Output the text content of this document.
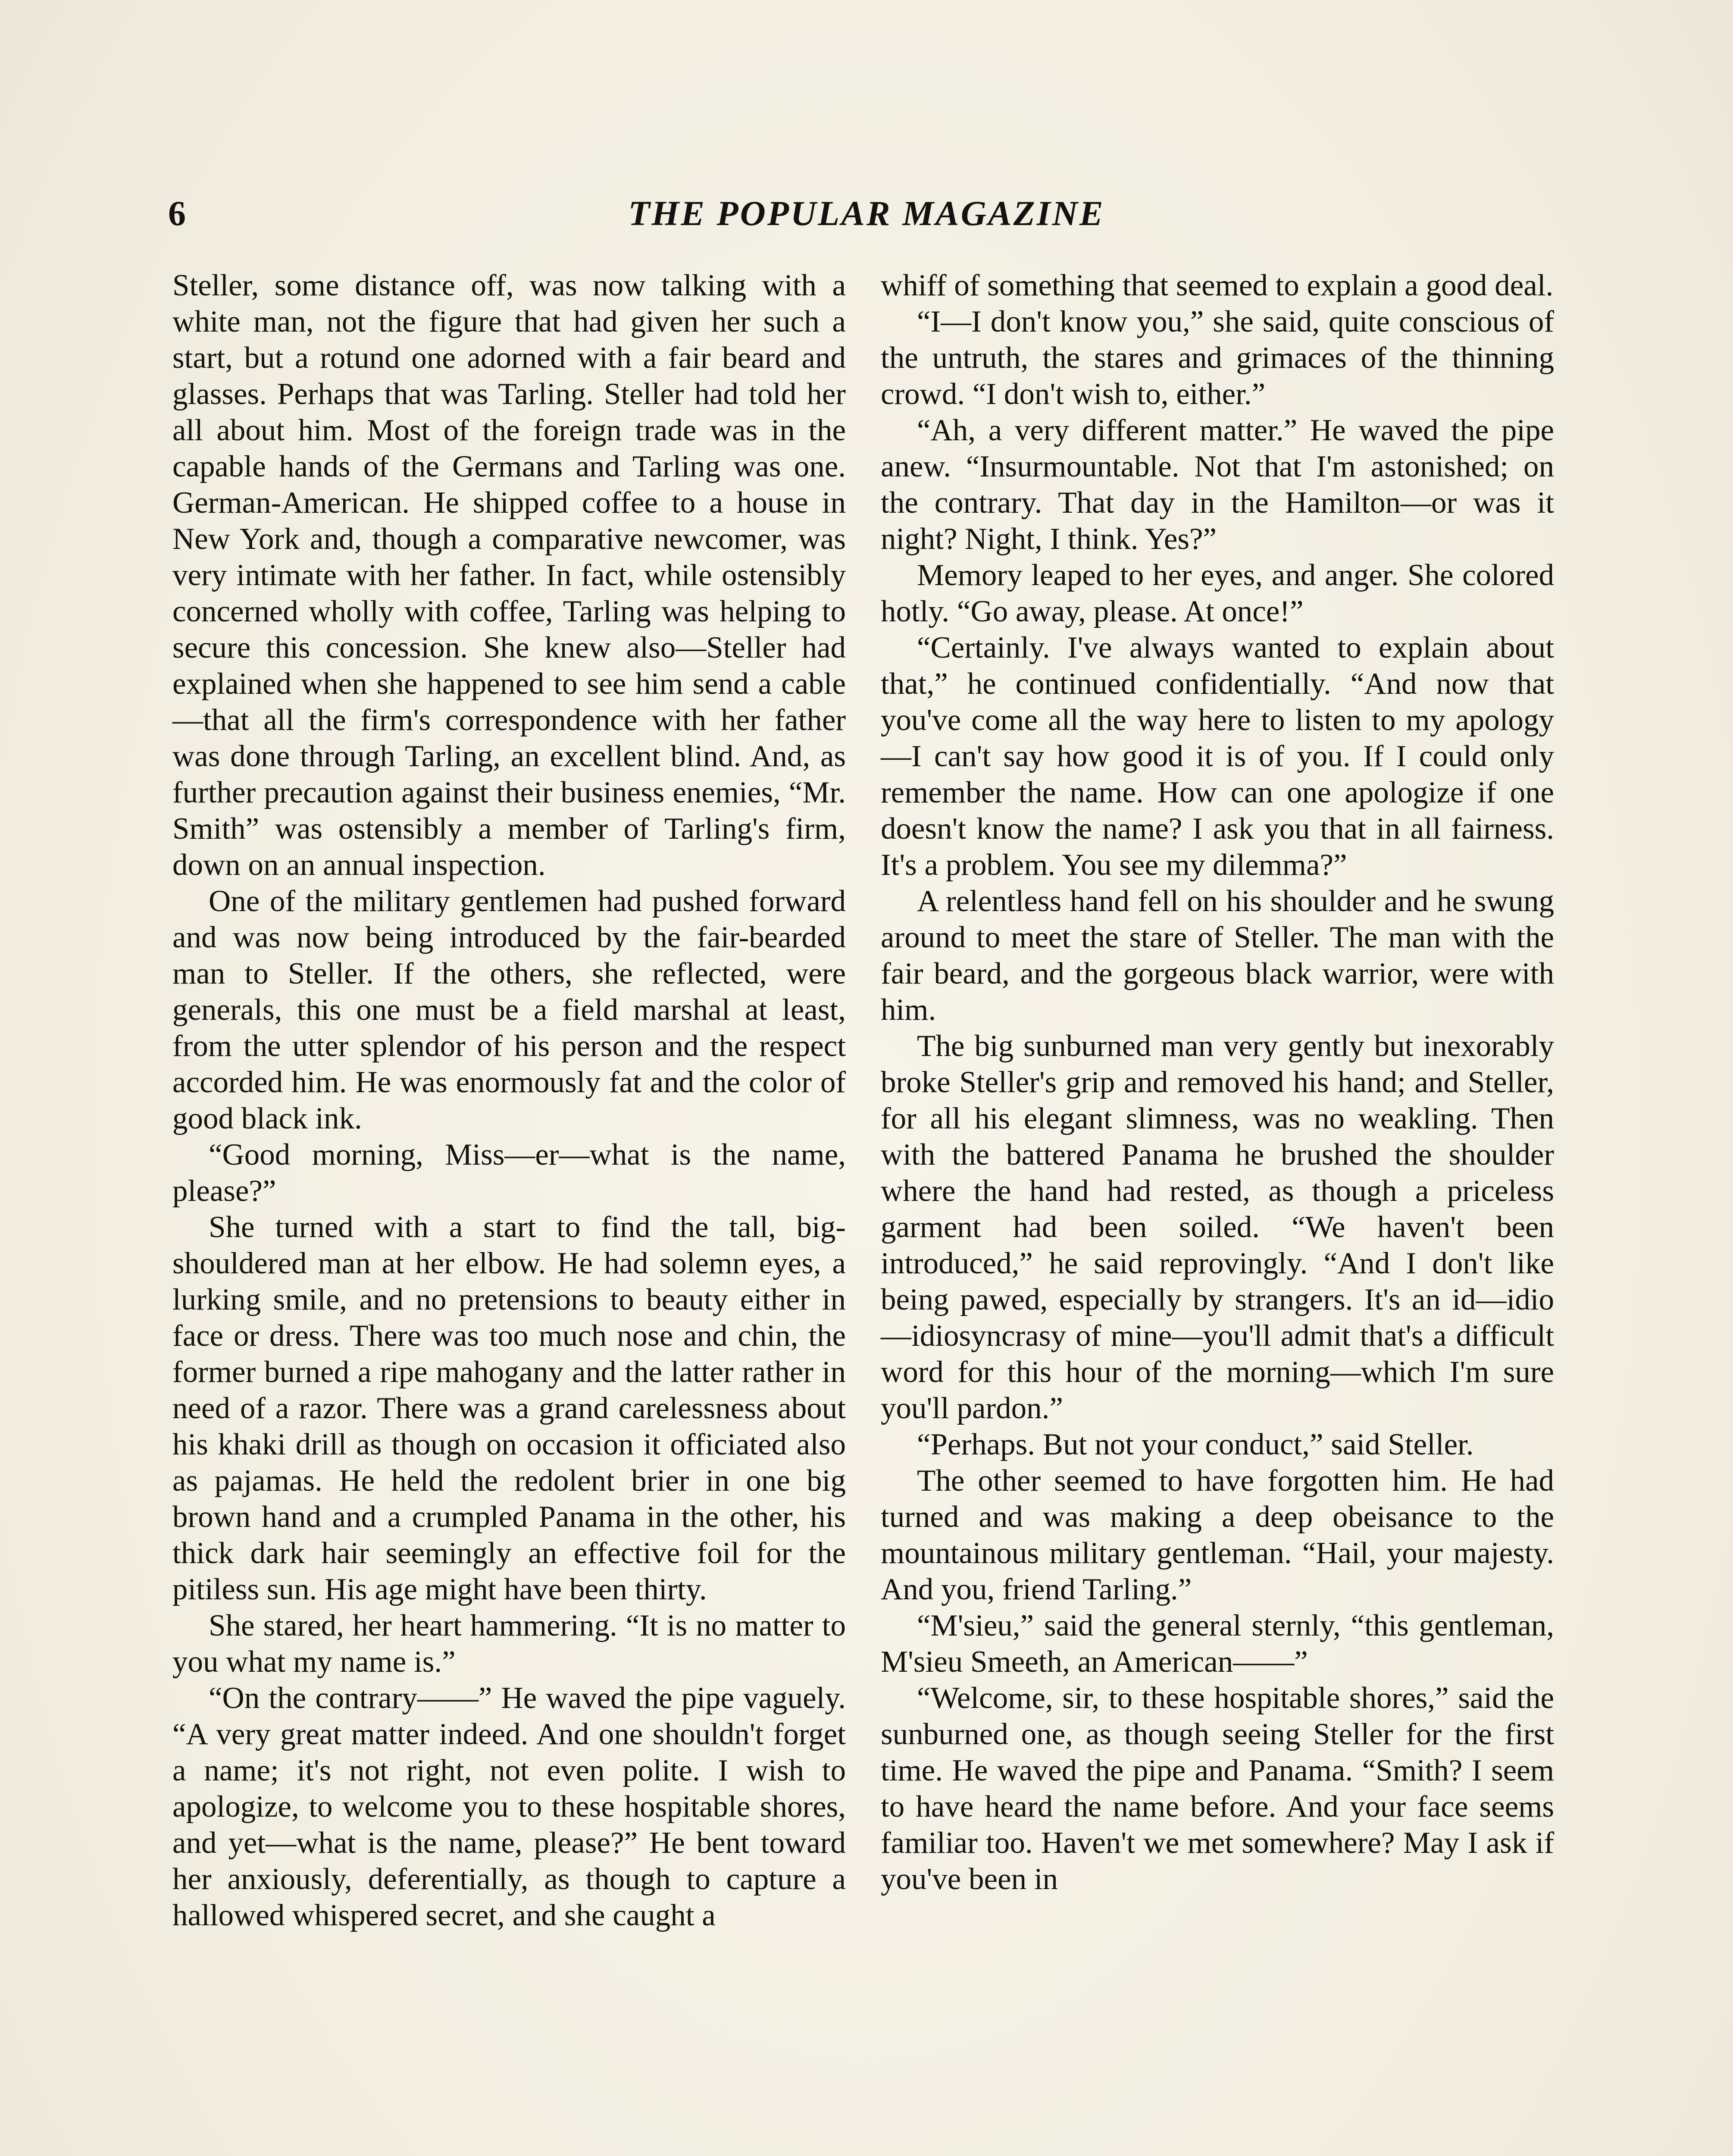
6	THE POPULAR MAGAZINE

Steller, some distance off, was now talking with a white man, not the figure that had given her such a start, but a rotund one adorned with a fair beard and glasses. Perhaps that was Tarling. Steller had told her all about him. Most of the foreign trade was in the capable hands of the Germans and Tarling was one. German-American. He shipped coffee to a house in New York and, though a comparative newcomer, was very intimate with her father. In fact, while ostensibly concerned wholly with coffee, Tarling was helping to secure this concession. She knew also—Steller had explained when she happened to see him send a cable—that all the firm's correspondence with her father was done through Tarling, an excellent blind. And, as further precaution against their business enemies, “Mr. Smith” was ostensibly a member of Tarling's firm, down on an annual inspection.

One of the military gentlemen had pushed forward and was now being introduced by the fair-bearded man to Steller. If the others, she reflected, were generals, this one must be a field marshal at least, from the utter splendor of his person and the respect accorded him. He was enormously fat and the color of good black ink.

“Good morning, Miss—er—what is the name, please?”

She turned with a start to find the tall, big-shouldered man at her elbow. He had solemn eyes, a lurking smile, and no pretensions to beauty either in face or dress. There was too much nose and chin, the former burned a ripe mahogany and the latter rather in need of a razor. There was a grand carelessness about his khaki drill as though on occasion it officiated also as pajamas. He held the redolent brier in one big brown hand and a crumpled Panama in the other, his thick dark hair seemingly an effective foil for the pitiless sun. His age might have been thirty.

She stared, her heart hammering. “It is no matter to you what my name is.”

“On the contrary——” He waved the pipe vaguely. “A very great matter indeed. And one shouldn't forget a name; it's not right, not even polite. I wish to apologize, to welcome you to these hospitable shores, and yet—what is the name, please?” He bent toward her anxiously, deferentially, as though to capture a hallowed whispered secret, and she caught a

whiff of something that seemed to explain a good deal.

“I—I don't know you,” she said, quite conscious of the untruth, the stares and grimaces of the thinning crowd. “I don't wish to, either.”

“Ah, a very different matter.” He waved the pipe anew. “Insurmountable. Not that I'm astonished; on the contrary. That day in the Hamilton—or was it night? Night, I think. Yes?”

Memory leaped to her eyes, and anger. She colored hotly. “Go away, please. At once!”

“Certainly. I've always wanted to explain about that,” he continued confidentially. “And now that you've come all the way here to listen to my apology—I can't say how good it is of you. If I could only remember the name. How can one apologize if one doesn't know the name? I ask you that in all fairness. It's a problem. You see my dilemma?”

A relentless hand fell on his shoulder and he swung around to meet the stare of Steller. The man with the fair beard, and the gorgeous black warrior, were with him.

The big sunburned man very gently but inexorably broke Steller's grip and removed his hand; and Steller, for all his elegant slimness, was no weakling. Then with the battered Panama he brushed the shoulder where the hand had rested, as though a priceless garment had been soiled. “We haven't been introduced,” he said reprovingly. “And I don't like being pawed, especially by strangers. It's an id—idio—idiosyncrasy of mine—you'll admit that's a difficult word for this hour of the morning—which I'm sure you'll pardon.”

“Perhaps. But not your conduct,” said Steller.

The other seemed to have forgotten him. He had turned and was making a deep obeisance to the mountainous military gentleman. “Hail, your majesty. And you, friend Tarling.”

“M'sieu,” said the general sternly, “this gentleman, M'sieu Smeeth, an American——”

“Welcome, sir, to these hospitable shores,” said the sunburned one, as though seeing Steller for the first time. He waved the pipe and Panama. “Smith? I seem to have heard the name before. And your face seems familiar too. Haven't we met somewhere? May I ask if you've been in
